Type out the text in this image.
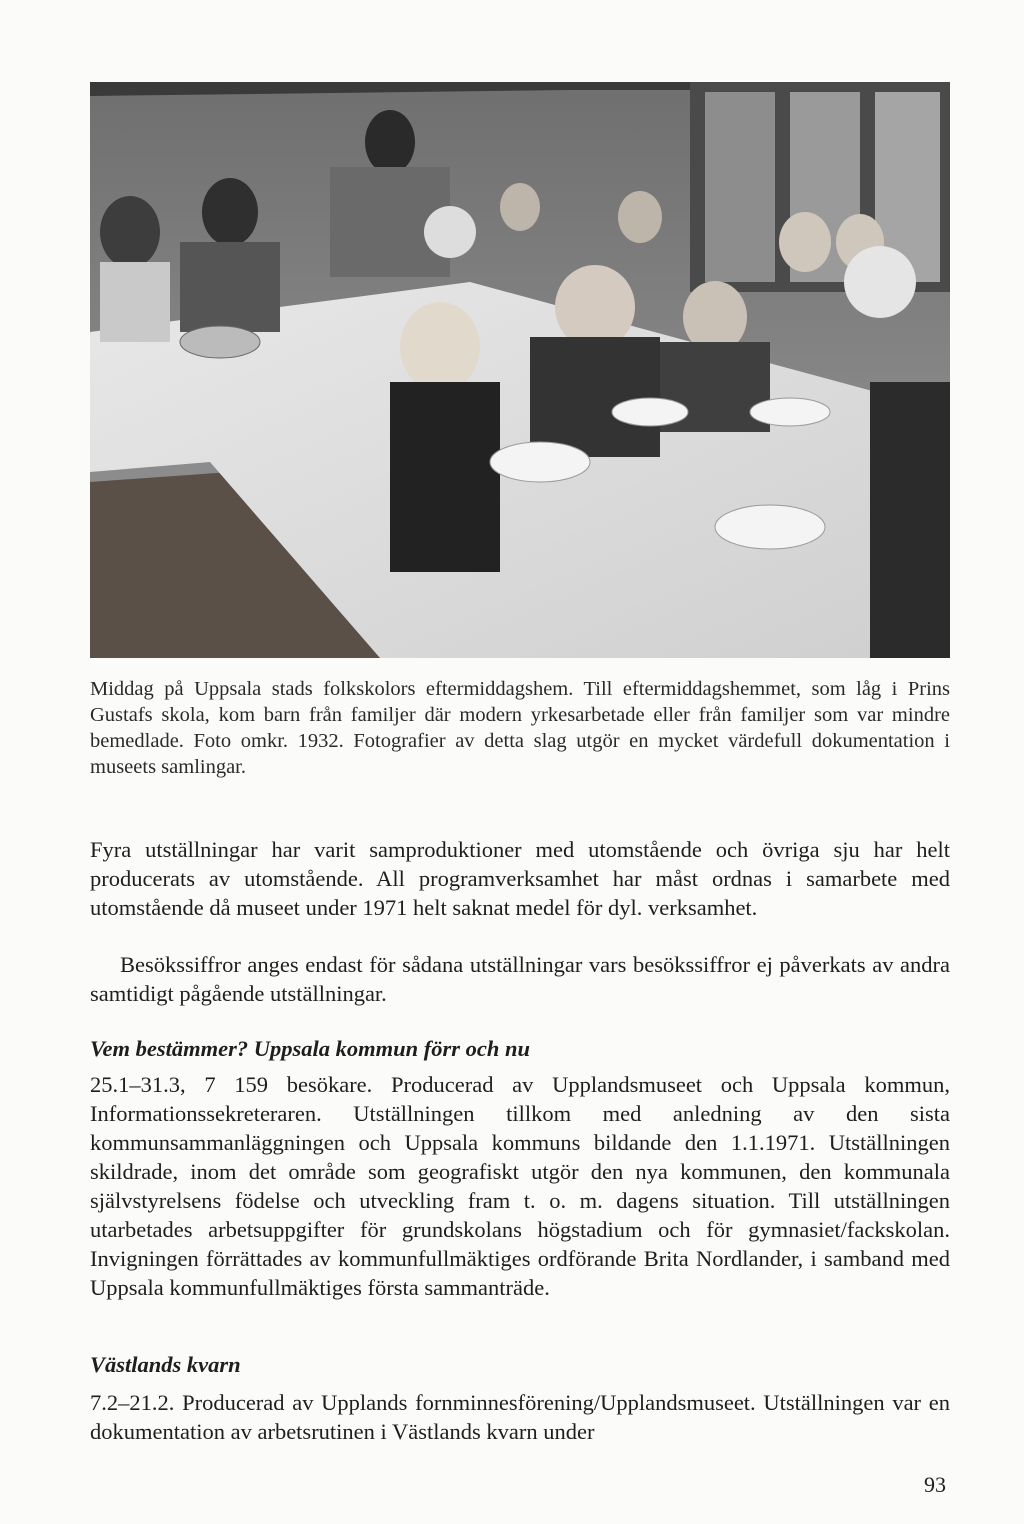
Middag på Uppsala stads folkskolors eftermiddagshem. Till eftermiddagshemmet, som låg i Prins Gustafs skola, kom barn från familjer där modern yrkesarbetade eller från familjer som var mindre bemedlade. Foto omkr. 1932. Fotografier av detta slag utgör en mycket värdefull dokumentation i museets samlingar.

Fyra utställningar har varit samproduktioner med utomstående och övriga sju har helt producerats av utomstående. All programverksamhet har måst ordnas i samarbete med utomstående då museet under 1971 helt saknat medel för dyl. verksamhet.

Besökssiffror anges endast för sådana utställningar vars besökssiffror ej påverkats av andra samtidigt pågående utställningar.

Vem bestämmer? Uppsala kommun förr och nu

25.1–31.3, 7 159 besökare. Producerad av Upplandsmuseet och Uppsala kommun, Informationssekreteraren. Utställningen tillkom med anledning av den sista kommunsammanläggningen och Uppsala kommuns bildande den 1.1.1971. Utställningen skildrade, inom det område som geografiskt utgör den nya kommunen, den kommunala självstyrelsens födelse och utveckling fram t. o. m. dagens situation. Till utställningen utarbetades arbetsuppgifter för grundskolans högstadium och för gymnasiet/fackskolan. Invigningen förrättades av kommunfullmäktiges ordförande Brita Nordlander, i samband med Uppsala kommunfullmäktiges första sammanträde.

Västlands kvarn

7.2–21.2. Producerad av Upplands fornminnesförening/Upplandsmuseet. Utställningen var en dokumentation av arbetsrutinen i Västlands kvarn under

93
